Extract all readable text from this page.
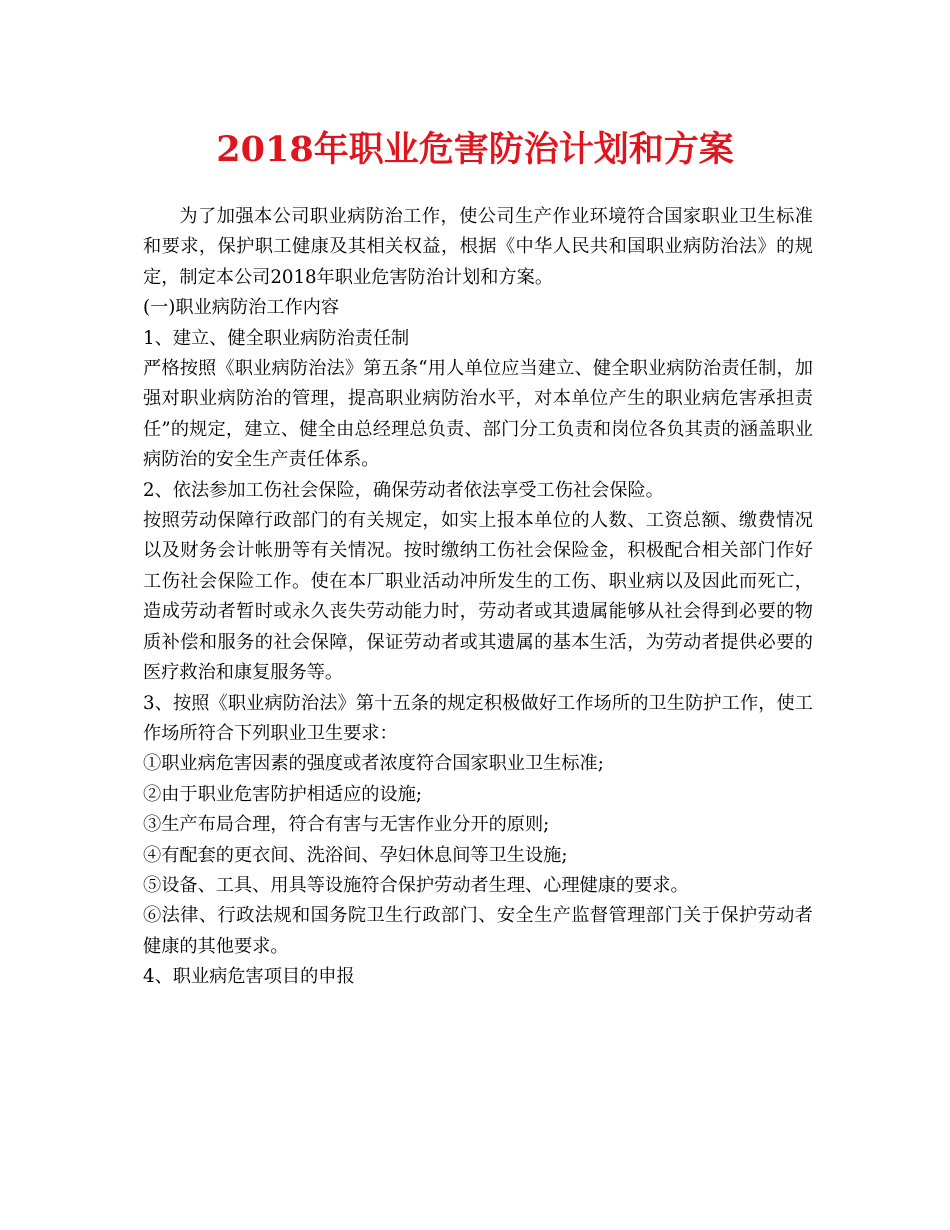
2018年职业危害防治计划和方案

为了加强本公司职业病防治工作，使公司生产作业环境符合国家职业卫生标准和要求，保护职工健康及其相关权益，根据《中华人民共和国职业病防治法》的规定，制定本公司2018年职业危害防治计划和方案。

(一)职业病防治工作内容

1、建立、健全职业病防治责任制

严格按照《职业病防治法》第五条“用人单位应当建立、健全职业病防治责任制，加强对职业病防治的管理，提高职业病防治水平，对本单位产生的职业病危害承担责任”的规定，建立、健全由总经理总负责、部门分工负责和岗位各负其责的涵盖职业病防治的安全生产责任体系。

2、依法参加工伤社会保险，确保劳动者依法享受工伤社会保险。

按照劳动保障行政部门的有关规定，如实上报本单位的人数、工资总额、缴费情况以及财务会计帐册等有关情况。按时缴纳工伤社会保险金，积极配合相关部门作好工伤社会保险工作。使在本厂职业活动冲所发生的工伤、职业病以及因此而死亡，造成劳动者暂时或永久丧失劳动能力时，劳动者或其遗属能够从社会得到必要的物质补偿和服务的社会保障，保证劳动者或其遗属的基本生活，为劳动者提供必要的医疗救治和康复服务等。

3、按照《职业病防治法》第十五条的规定积极做好工作场所的卫生防护工作，使工作场所符合下列职业卫生要求：

①职业病危害因素的强度或者浓度符合国家职业卫生标准;

②由于职业危害防护相适应的设施;

③生产布局合理，符合有害与无害作业分开的原则;

④有配套的更衣间、洗浴间、孕妇休息间等卫生设施;

⑤设备、工具、用具等设施符合保护劳动者生理、心理健康的要求。

⑥法律、行政法规和国务院卫生行政部门、安全生产监督管理部门关于保护劳动者健康的其他要求。

4、职业病危害项目的申报
